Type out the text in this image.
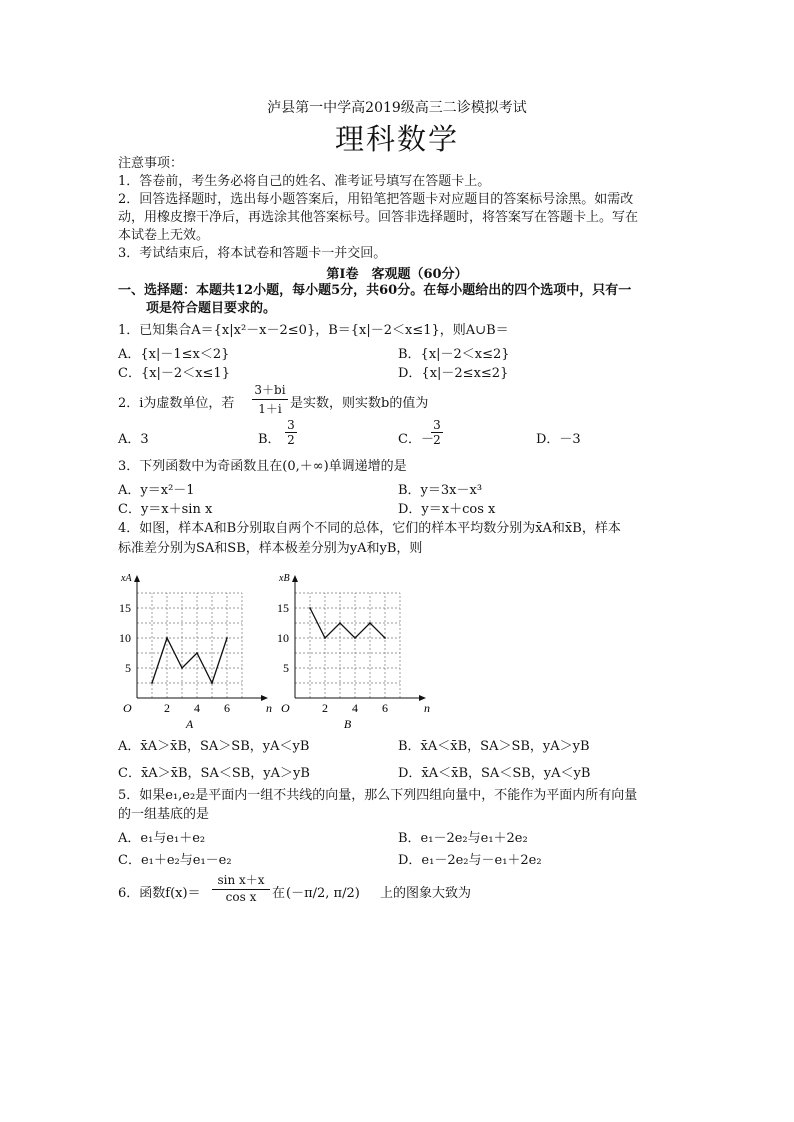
泸县第一中学高2019级高三二诊模拟考试
理科数学
注意事项：
1．答卷前，考生务必将自己的姓名、准考证号填写在答题卡上。
2．回答选择题时，选出每小题答案后，用铅笔把答题卡对应题目的答案标号涂黑。如需改
动，用橡皮擦干净后，再选涂其他答案标号。回答非选择题时，将答案写在答题卡上。写在
本试卷上无效。
3．考试结束后，将本试卷和答题卡一并交回。
第Ⅰ卷　客观题（60分）
一、选择题：本题共12小题，每小题5分，共60分。在每小题给出的四个选项中，只有一
项是符合题目要求的。
1．已知集合A＝{x|x²－x－2≤0}，B＝{x|－2＜x≤1}，则A∪B＝
A．{x|－1≤x＜2}	B．{x|－2＜x≤2}
C．{x|－2＜x≤1}	D．{x|－2≤x≤2}
2．i为虚数单位，若 $\frac{3+bi}{1+i}$ 是实数，则实数b的值为
A．3	B． $\frac{3}{2}$	C．－
$\frac{3}{2}$	D．－3
3．下列函数中为奇函数且在(0,＋∞)单调递增的是
A．y＝x²－1	B．y＝3x－x³
C．y＝x＋sin x	D．y＝x＋cos x
4．如图，样本A和B分别取自两个不同的总体，它们的样本平均数分别为x̄A和x̄B，样本
标准差分别为SA和SB，样本极差分别为yA和yB，则
2 4 6
5
10
15
O	n
xA
A
2 4 6
5
10
15
O	n
xB
B
A．x̄A＞x̄B，SA＞SB，yA＜yB	B．x̄A＜x̄B，SA＞SB，yA＞yB
C．x̄A＞x̄B，SA＜SB，yA＞yB	D．x̄A＜x̄B，SA＜SB，yA＜yB
5．如果e₁,e₂是平面内一组不共线的向量，那么下列四组向量中，不能作为平面内所有向量
的一组基底的是
A．e₁与e₁＋e₂	B．e₁－2e₂与e₁＋2e₂
C．e₁＋e₂与e₁－e₂	D．e₁－2e₂与－e₁＋2e₂
6．函数$f(x)= \frac{\text{sin x＋x}}{\text{cos x}}$ 在 (－π/2, π/2) 上的图象大致为
